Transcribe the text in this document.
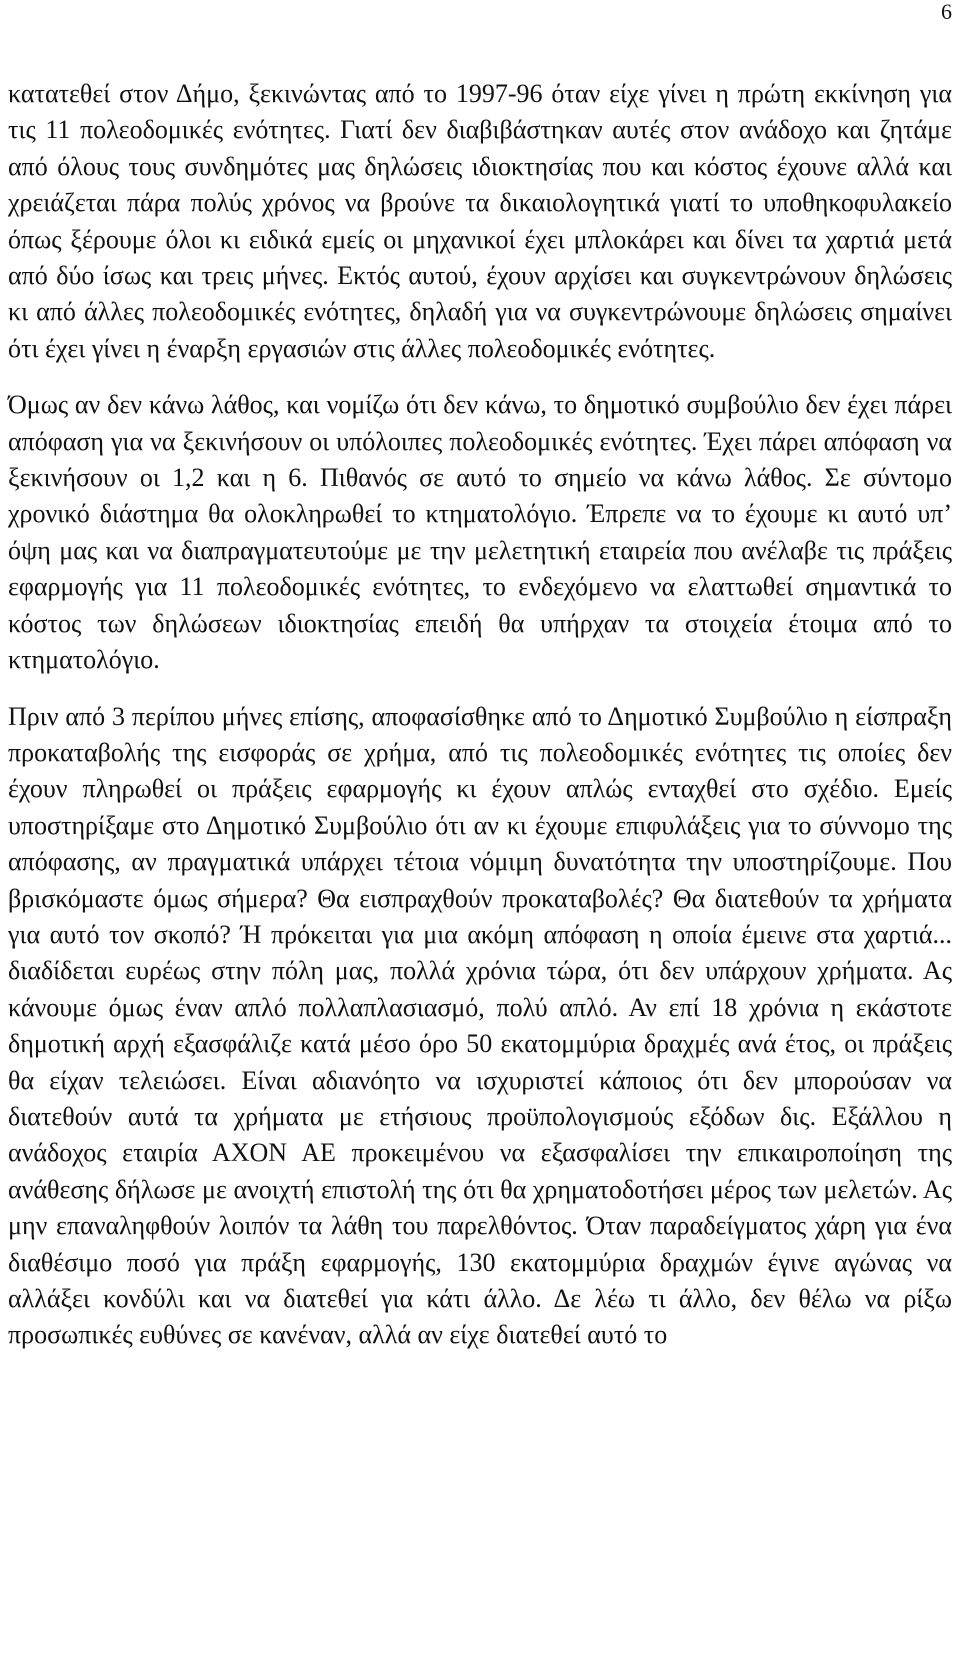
6

κατατεθεί στον Δήμο, ξεκινώντας από το 1997-96 όταν είχε γίνει η πρώτη εκκίνηση για τις 11 πολεοδομικές ενότητες. Γιατί δεν διαβιβάστηκαν αυτές στον ανάδοχο και ζητάμε από όλους τους συνδημότες μας δηλώσεις ιδιοκτησίας που και κόστος έχουνε αλλά και χρειάζεται πάρα πολύς χρόνος να βρούνε τα δικαιολογητικά γιατί το υποθηκοφυλακείο όπως ξέρουμε όλοι κι ειδικά εμείς οι μηχανικοί έχει μπλοκάρει και δίνει τα χαρτιά μετά από δύο ίσως και τρεις μήνες. Εκτός αυτού, έχουν αρχίσει και συγκεντρώνουν δηλώσεις κι από άλλες πολεοδομικές ενότητες, δηλαδή για να συγκεντρώνουμε δηλώσεις σημαίνει ότι έχει γίνει η έναρξη εργασιών στις άλλες πολεοδομικές ενότητες.

Όμως αν δεν κάνω λάθος, και νομίζω ότι δεν κάνω, το δημοτικό συμβούλιο δεν έχει πάρει απόφαση για να ξεκινήσουν οι υπόλοιπες πολεοδομικές ενότητες. Έχει πάρει απόφαση να ξεκινήσουν οι 1,2 και η 6. Πιθανός σε αυτό το σημείο να κάνω λάθος. Σε σύντομο χρονικό διάστημα θα ολοκληρωθεί το κτηματολόγιο. Έπρεπε να το έχουμε κι αυτό υπ’ όψη μας και να διαπραγματευτούμε με την μελετητική εταιρεία που ανέλαβε τις πράξεις εφαρμογής για 11 πολεοδομικές ενότητες, το ενδεχόμενο να ελαττωθεί σημαντικά το κόστος των δηλώσεων ιδιοκτησίας επειδή θα υπήρχαν τα στοιχεία έτοιμα από το κτηματολόγιο.

Πριν από 3 περίπου μήνες επίσης, αποφασίσθηκε από το Δημοτικό Συμβούλιο η είσπραξη προκαταβολής της εισφοράς σε χρήμα, από τις πολεοδομικές ενότητες τις οποίες δεν έχουν πληρωθεί οι πράξεις εφαρμογής κι έχουν απλώς ενταχθεί στο σχέδιο. Εμείς υποστηρίξαμε στο Δημοτικό Συμβούλιο ότι αν κι έχουμε επιφυλάξεις για το σύννομο της απόφασης, αν πραγματικά υπάρχει τέτοια νόμιμη δυνατότητα την υποστηρίζουμε. Που βρισκόμαστε όμως σήμερα? Θα εισπραχθούν προκαταβολές? Θα διατεθούν τα χρήματα για αυτό τον σκοπό? Ή πρόκειται για μια ακόμη απόφαση η οποία έμεινε στα χαρτιά... διαδίδεται ευρέως στην πόλη μας, πολλά χρόνια τώρα, ότι δεν υπάρχουν χρήματα. Ας κάνουμε όμως έναν απλό πολλαπλασιασμό, πολύ απλό. Αν επί 18 χρόνια η εκάστοτε δημοτική αρχή εξασφάλιζε κατά μέσο όρο 50 εκατομμύρια δραχμές ανά έτος, οι πράξεις θα είχαν τελειώσει. Είναι αδιανόητο να ισχυριστεί κάποιος ότι δεν μπορούσαν να διατεθούν αυτά τα χρήματα με ετήσιους προϋπολογισμούς εξόδων δις. Εξάλλου η ανάδοχος εταιρία ΑΧΟΝ ΑΕ προκειμένου να εξασφαλίσει την επικαιροποίηση της ανάθεσης δήλωσε με ανοιχτή επιστολή της ότι θα χρηματοδοτήσει μέρος των μελετών. Ας μην επαναληφθούν λοιπόν τα λάθη του παρελθόντος. Όταν παραδείγματος χάρη για ένα διαθέσιμο ποσό για πράξη εφαρμογής, 130 εκατομμύρια δραχμών έγινε αγώνας να αλλάξει κονδύλι και να διατεθεί για κάτι άλλο. Δε λέω τι άλλο, δεν θέλω να ρίξω προσωπικές ευθύνες σε κανέναν, αλλά αν είχε διατεθεί αυτό το
